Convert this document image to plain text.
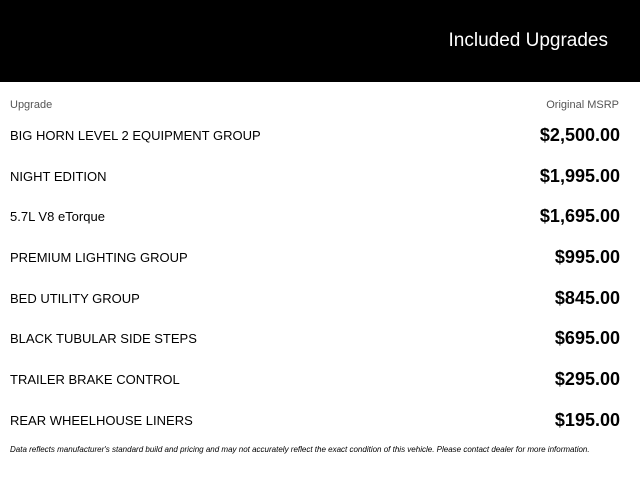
Included Upgrades
Upgrade	Original MSRP
BIG HORN LEVEL 2 EQUIPMENT GROUP	$2,500.00
NIGHT EDITION	$1,995.00
5.7L V8 eTorque	$1,695.00
PREMIUM LIGHTING GROUP	$995.00
BED UTILITY GROUP	$845.00
BLACK TUBULAR SIDE STEPS	$695.00
TRAILER BRAKE CONTROL	$295.00
REAR WHEELHOUSE LINERS	$195.00
Data reflects manufacturer's standard build and pricing and may not accurately reflect the exact condition of this vehicle. Please contact dealer for more information.
